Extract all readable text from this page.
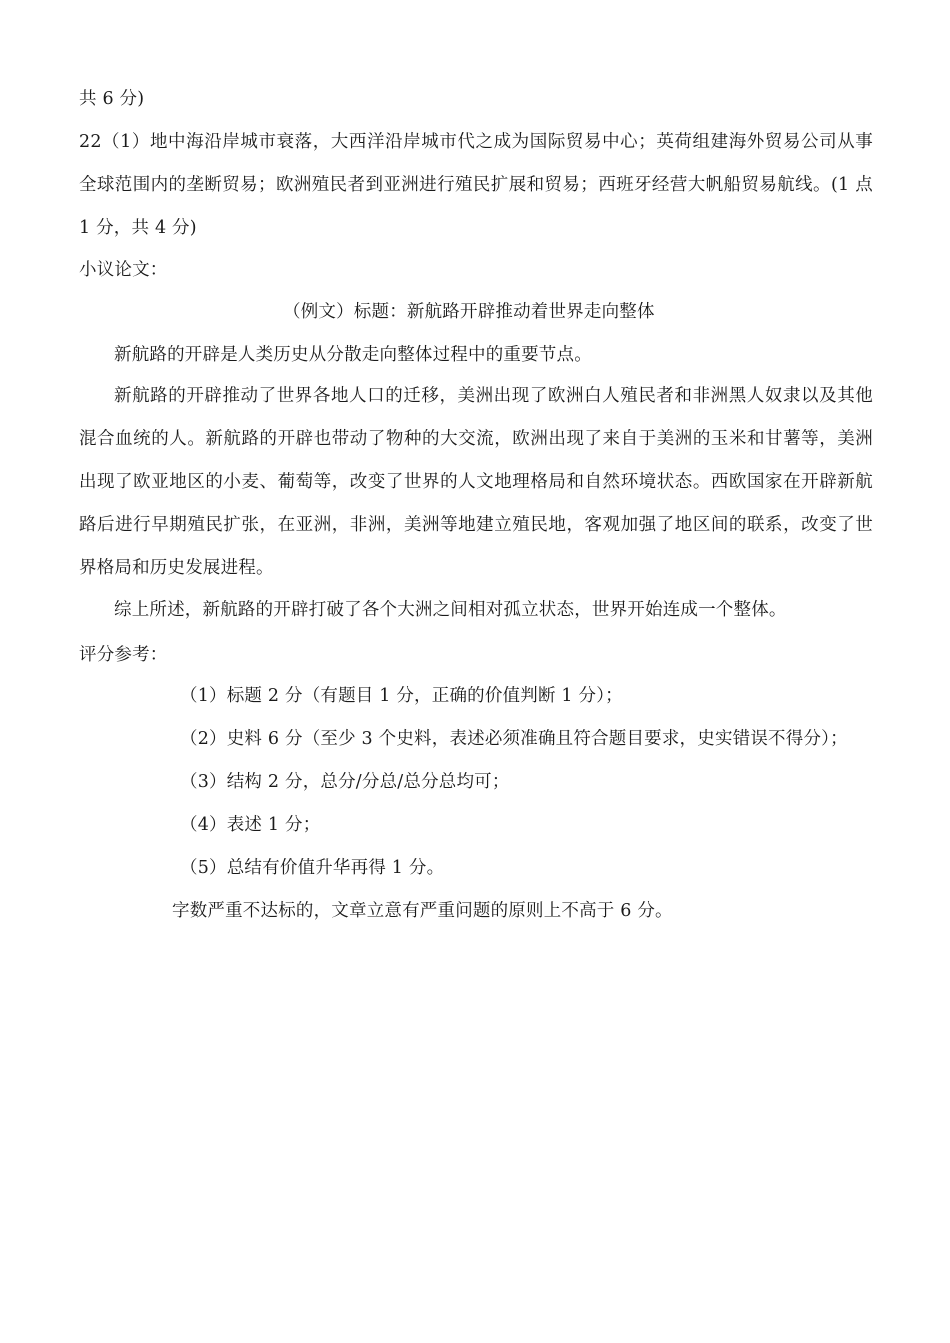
共 6 分)
22（1）地中海沿岸城市衰落，大西洋沿岸城市代之成为国际贸易中心；英荷组建海外贸易公司从事全球范围内的垄断贸易；欧洲殖民者到亚洲进行殖民扩展和贸易；西班牙经营大帆船贸易航线。(1 点 1 分，共 4 分)
小议论文：
（例文）标题：新航路开辟推动着世界走向整体
新航路的开辟是人类历史从分散走向整体过程中的重要节点。
新航路的开辟推动了世界各地人口的迁移，美洲出现了欧洲白人殖民者和非洲黑人奴隶以及其他混合血统的人。新航路的开辟也带动了物种的大交流，欧洲出现了来自于美洲的玉米和甘薯等，美洲出现了欧亚地区的小麦、葡萄等，改变了世界的人文地理格局和自然环境状态。西欧国家在开辟新航路后进行早期殖民扩张，在亚洲，非洲，美洲等地建立殖民地，客观加强了地区间的联系，改变了世界格局和历史发展进程。
综上所述，新航路的开辟打破了各个大洲之间相对孤立状态，世界开始连成一个整体。
评分参考：
（1）标题 2 分（有题目 1 分，正确的价值判断 1 分）；
（2）史料 6 分（至少 3 个史料，表述必须准确且符合题目要求，史实错误不得分）；
（3）结构 2 分，总分/分总/总分总均可；
（4）表述 1 分；
（5）总结有价值升华再得 1 分。
字数严重不达标的，文章立意有严重问题的原则上不高于 6 分。
